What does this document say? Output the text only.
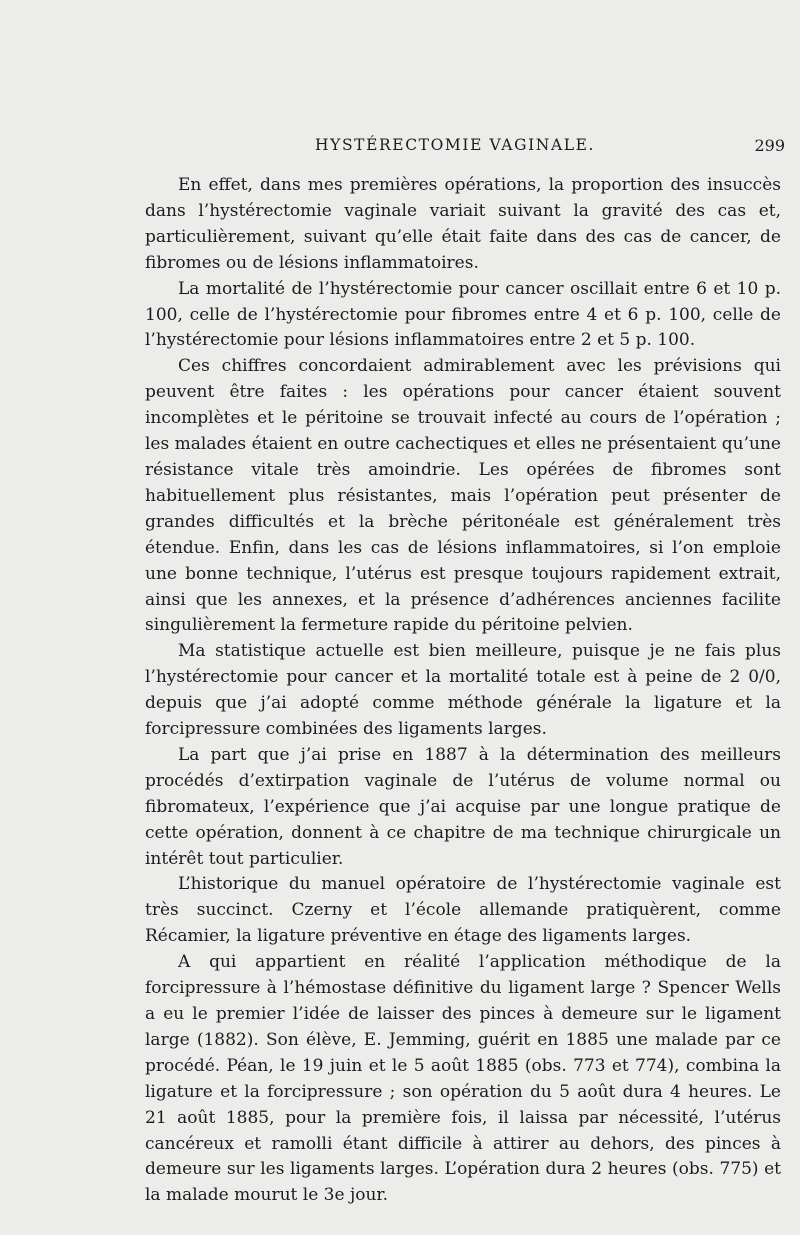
HYSTÉRECTOMIE VAGINALE.	299

En effet, dans mes premières opérations, la proportion des insuccès dans l’hystérectomie vaginale variait suivant la gravité des cas et, particulièrement, suivant qu’elle était faite dans des cas de cancer, de fibromes ou de lésions inflammatoires.

La mortalité de l’hystérectomie pour cancer oscillait entre 6 et 10 p. 100, celle de l’hystérectomie pour fibromes entre 4 et 6 p. 100, celle de l’hystérectomie pour lésions inflammatoires entre 2 et 5 p. 100.

Ces chiffres concordaient admirablement avec les prévisions qui peuvent être faites : les opérations pour cancer étaient souvent incomplètes et le péritoine se trouvait infecté au cours de l’opération ; les malades étaient en outre cachectiques et elles ne présentaient qu’une résistance vitale très amoindrie. Les opérées de fibromes sont habituellement plus résistantes, mais l’opération peut présenter de grandes difficultés et la brèche péritonéale est généralement très étendue. Enfin, dans les cas de lésions inflammatoires, si l’on emploie une bonne technique, l’utérus est presque toujours rapidement extrait, ainsi que les annexes, et la présence d’adhérences anciennes facilite singulièrement la fermeture rapide du péritoine pelvien.

Ma statistique actuelle est bien meilleure, puisque je ne fais plus l’hystérectomie pour cancer et la mortalité totale est à peine de 2 0/0, depuis que j’ai adopté comme méthode générale la ligature et la forcipressure combinées des ligaments larges.

La part que j’ai prise en 1887 à la détermination des meilleurs procédés d’extirpation vaginale de l’utérus de volume normal ou fibromateux, l’expérience que j’ai acquise par une longue pratique de cette opération, donnent à ce chapitre de ma technique chirurgicale un intérêt tout particulier.

L’historique du manuel opératoire de l’hystérectomie vaginale est très succinct. Czerny et l’école allemande pratiquèrent, comme Récamier, la ligature préventive en étage des ligaments larges.

A qui appartient en réalité l’application méthodique de la forcipressure à l’hémostase définitive du ligament large ? Spencer Wells a eu le premier l’idée de laisser des pinces à demeure sur le ligament large (1882). Son élève, E. Jemming, guérit en 1885 une malade par ce procédé. Péan, le 19 juin et le 5 août 1885 (obs. 773 et 774), combina la ligature et la forcipressure ; son opération du 5 août dura 4 heures. Le 21 août 1885, pour la première fois, il laissa par nécessité, l’utérus cancéreux et ramolli étant difficile à attirer au dehors, des pinces à demeure sur les ligaments larges. L’opération dura 2 heures (obs. 775) et la malade mourut le 3e jour.
